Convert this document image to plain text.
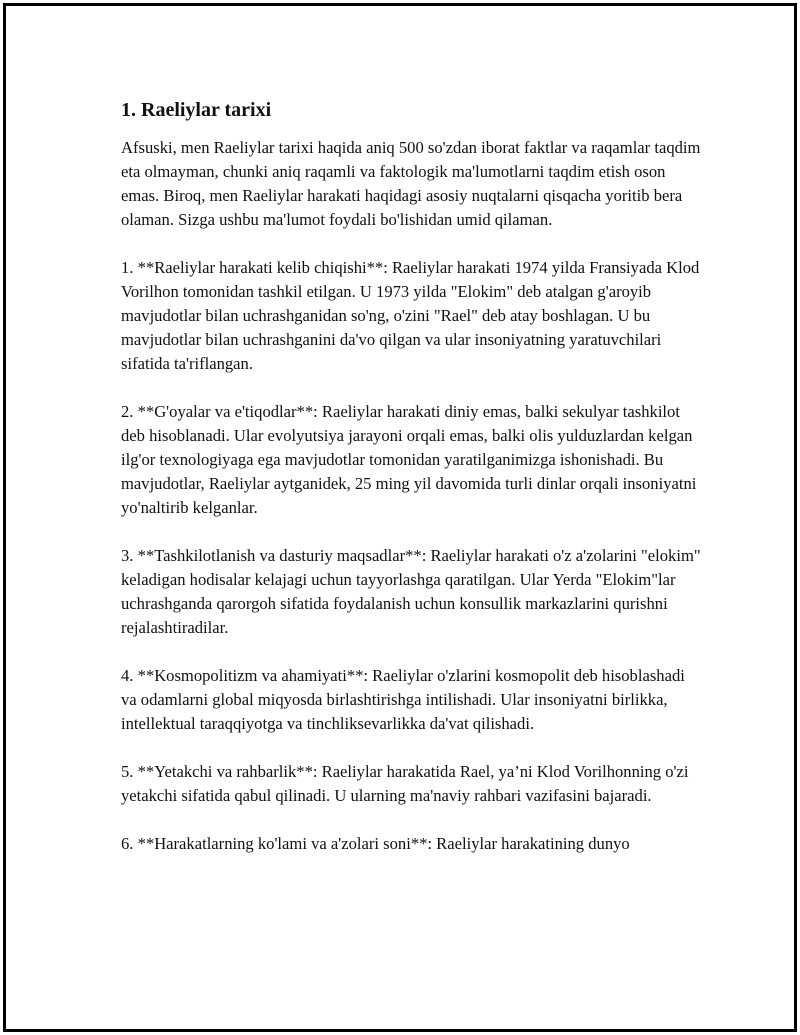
1. Raeliylar tarixi

Afsuski, men Raeliylar tarixi haqida aniq 500 so'zdan iborat faktlar va raqamlar taqdim eta olmayman, chunki aniq raqamli va faktologik ma'lumotlarni taqdim etish oson emas. Biroq, men Raeliylar harakati haqidagi asosiy nuqtalarni qisqacha yoritib bera olaman. Sizga ushbu ma'lumot foydali bo'lishidan umid qilaman.

1. **Raeliylar harakati kelib chiqishi**: Raeliylar harakati 1974 yilda Fransiyada Klod Vorilhon tomonidan tashkil etilgan. U 1973 yilda "Elokim" deb atalgan g'aroyib mavjudotlar bilan uchrashganidan so'ng, o'zini "Rael" deb atay boshlagan. U bu mavjudotlar bilan uchrashganini da'vo qilgan va ular insoniyatning yaratuvchilari sifatida ta'riflangan.

2. **G'oyalar va e'tiqodlar**: Raeliylar harakati diniy emas, balki sekulyar tashkilot deb hisoblanadi. Ular evolyutsiya jarayoni orqali emas, balki olis yulduzlardan kelgan ilg'or texnologiyaga ega mavjudotlar tomonidan yaratilganimizga ishonishadi. Bu mavjudotlar, Raeliylar aytganidek, 25 ming yil davomida turli dinlar orqali insoniyatni yo'naltirib kelganlar.

3. **Tashkilotlanish va dasturiy maqsadlar**: Raeliylar harakati o'z a'zolarini "elokim" keladigan hodisalar kelajagi uchun tayyorlashga qaratilgan. Ular Yerda "Elokim"lar uchrashganda qarorgoh sifatida foydalanish uchun konsullik markazlarini qurishni rejalashtiradilar.

4. **Kosmopolitizm va ahamiyati**: Raeliylar o'zlarini kosmopolit deb hisoblashadi va odamlarni global miqyosda birlashtirishga intilishadi. Ular insoniyatni birlikka, intellektual taraqqiyotga va tinchliksevarlikka da'vat qilishadi.

5. **Yetakchi va rahbarlik**: Raeliylar harakatida Rael, ya’ni Klod Vorilhonning o'zi yetakchi sifatida qabul qilinadi. U ularning ma'naviy rahbari vazifasini bajaradi.

6. **Harakatlarning ko'lami va a'zolari soni**: Raeliylar harakatining dunyo
